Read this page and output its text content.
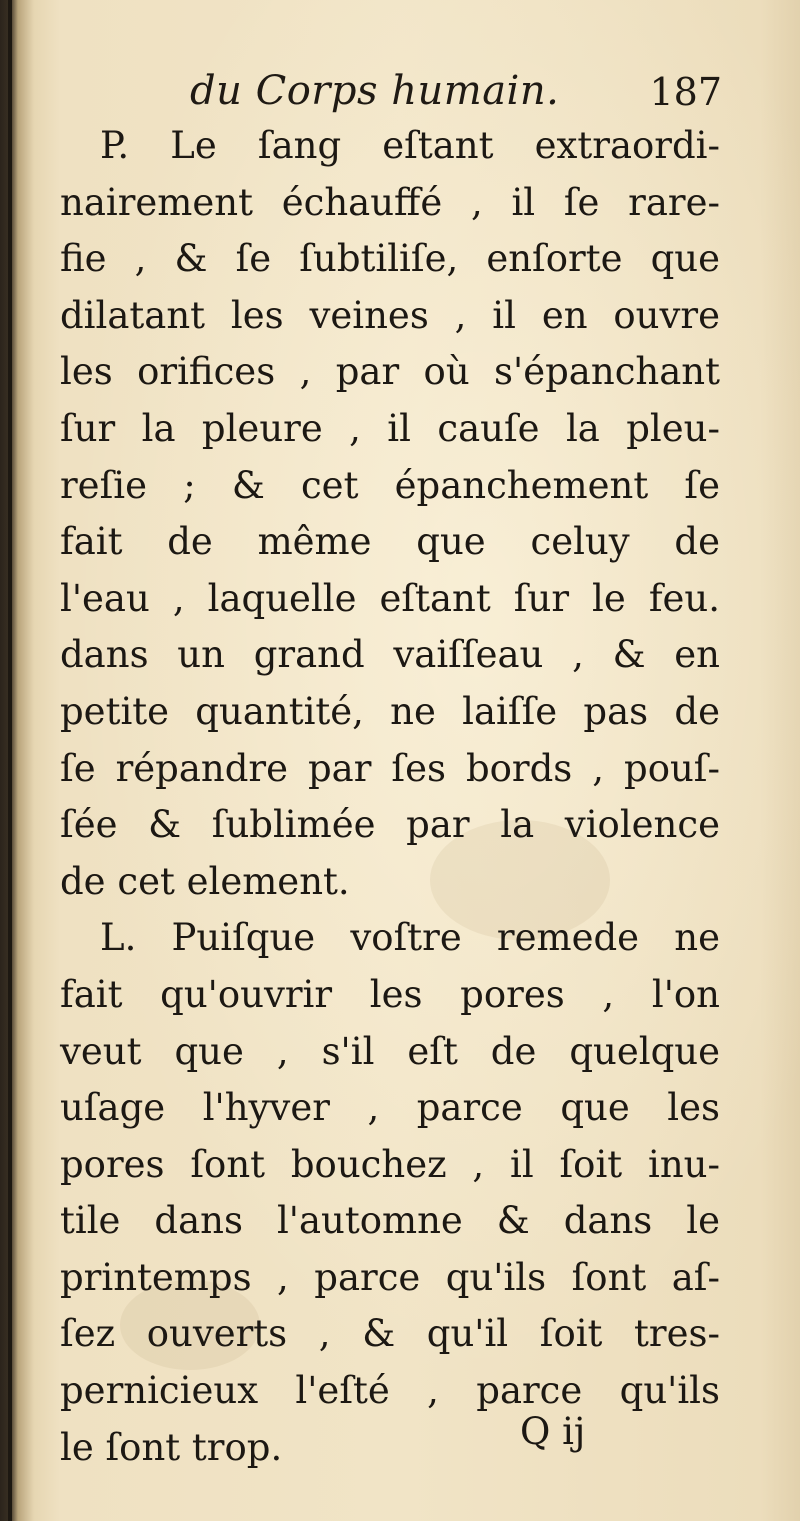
du Corps humain. 187
P. Le ſang eſtant extraordi-
nairement échauffé , il ſe rare-
fie , & ſe ſubtiliſe, enſorte que
dilatant les veines , il en ouvre
les orifices , par où s'épanchant
ſur la pleure , il cauſe la pleu-
reſie ; & cet épanchement ſe
fait de même que celuy de
l'eau , laquelle eſtant ſur le feu.
dans un grand vaiſſeau , & en
petite quantité, ne laiſſe pas de
ſe répandre par ſes bords , pouſ-
ſée & ſublimée par la violence
de cet element.
L. Puiſque voſtre remede ne
fait qu'ouvrir les pores , l'on
veut que , s'il eſt de quelque
uſage l'hyver , parce que les
pores ſont bouchez , il ſoit inu-
tile dans l'automne & dans le
printemps , parce qu'ils ſont aſ-
ſez ouverts , & qu'il ſoit tres-
pernicieux l'eſté , parce qu'ils
le ſont trop.	Q ij
